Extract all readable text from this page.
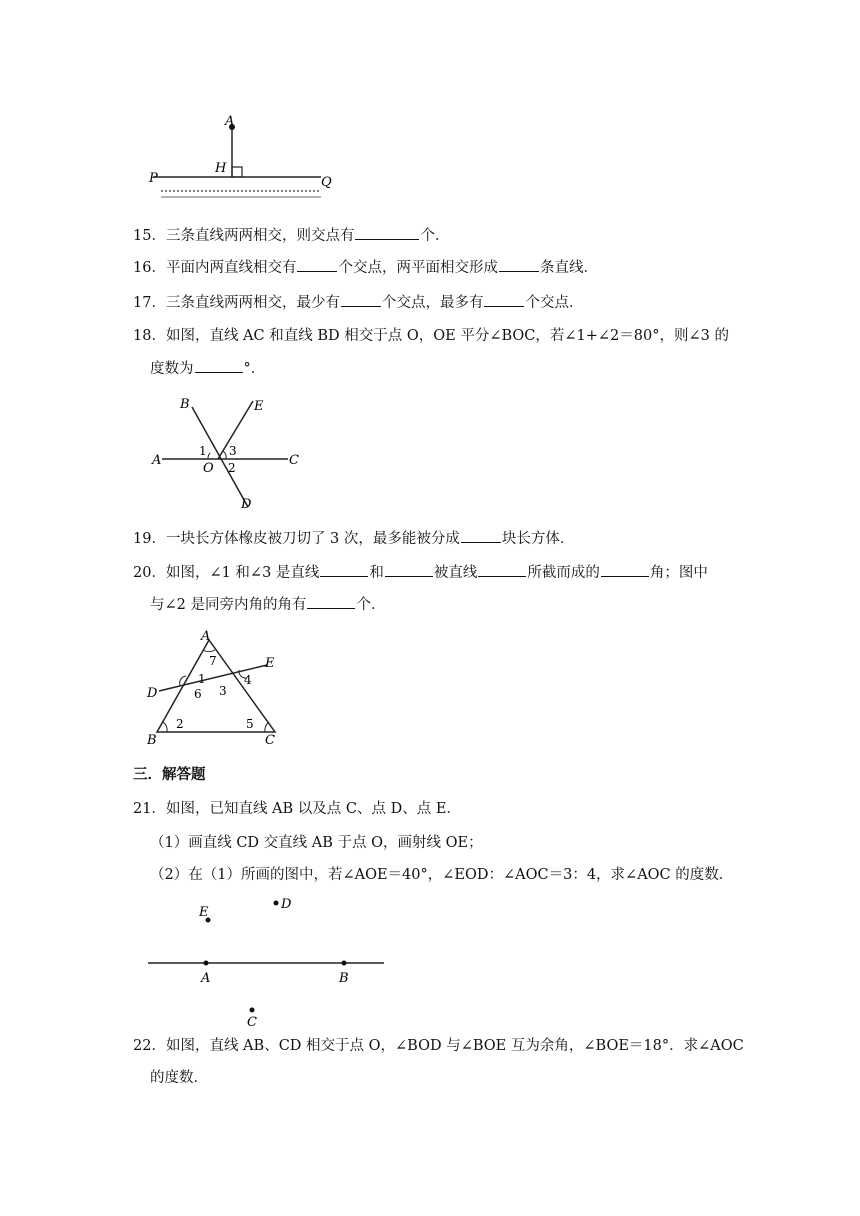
A
H
P	Q
15．三条直线两两相交，则交点有	个．
16．平面内两直线相交有	个交点，两平面相交形成	条直线．
17．三条直线两两相交，最少有	个交点，最多有	个交点．
18．如图，直线 AC 和直线 BD 相交于点 O，OE 平分∠BOC，若∠1+∠2＝80°，则∠3 的
度数为	°．
B	E
A
O
C
D
1 3
2
19．一块长方体橡皮被刀切了 3 次，最多能被分成	块长方体．
20．如图，∠1 和∠3 是直线	和	被直线	所截而成的	角；图中
与∠2 是同旁内角的角有	个．
A
E
D
B	C
7
1
6 3
4
2	5
三．解答题
21．如图，已知直线 AB 以及点 C、点 D、点 E．
（1）画直线 CD 交直线 AB 于点 O，画射线 OE；
（2）在（1）所画的图中，若∠AOE＝40°，∠EOD：∠AOC＝3：4，求∠AOC 的度数．
E
D
A	B
C
22．如图，直线 AB、CD 相交于点 O，∠BOD 与∠BOE 互为余角，∠BOE＝18°．求∠AOC
的度数．
